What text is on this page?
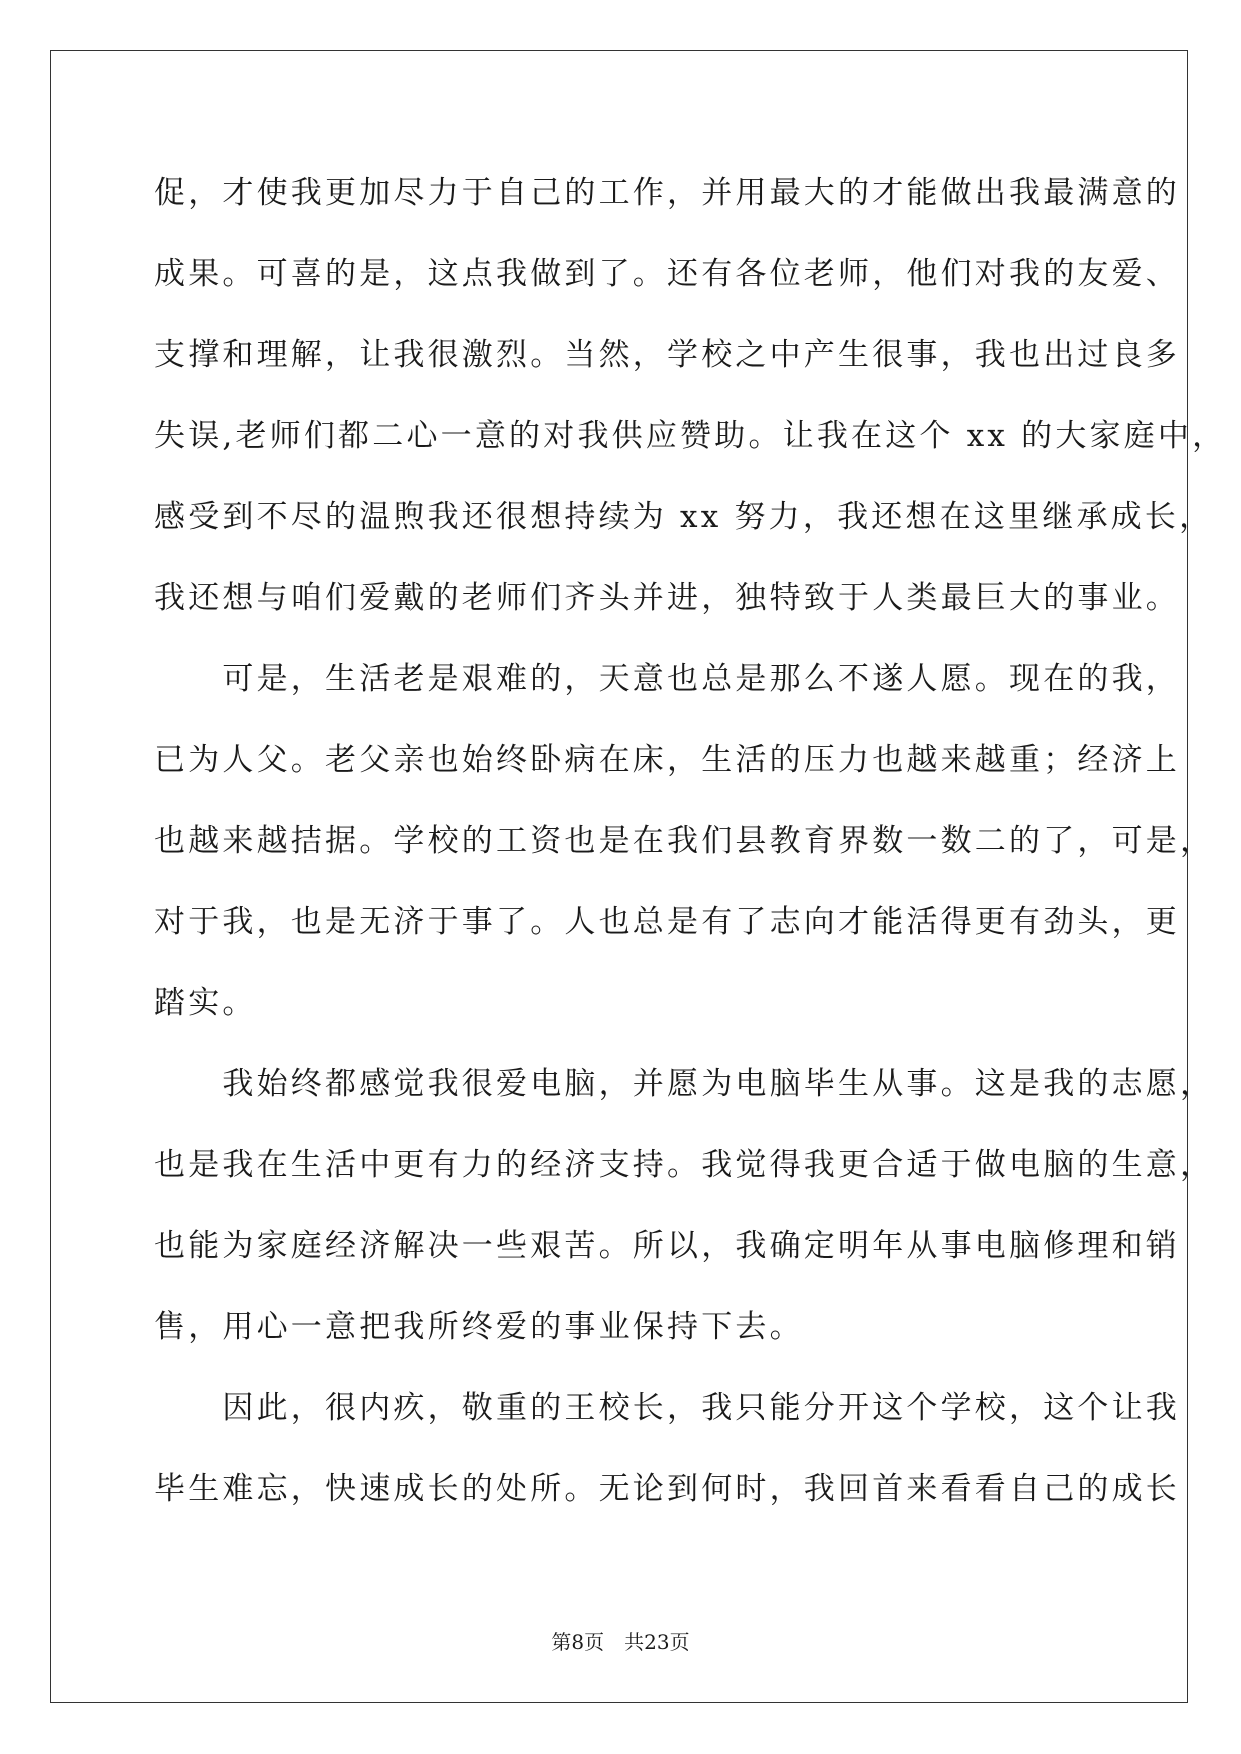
促，才使我更加尽力于自己的工作，并用最大的才能做出我最满意的
成果。可喜的是，这点我做到了。还有各位老师，他们对我的友爱、
支撑和理解，让我很激烈。当然，学校之中产生很事，我也出过良多
失误,老师们都二心一意的对我供应赞助。让我在这个 xx 的大家庭中，
感受到不尽的温煦我还很想持续为 xx 努力，我还想在这里继承成长，
我还想与咱们爱戴的老师们齐头并进，独特致于人类最巨大的事业。
　　可是，生活老是艰难的，天意也总是那么不遂人愿。现在的我，
已为人父。老父亲也始终卧病在床，生活的压力也越来越重；经济上
也越来越拮据。学校的工资也是在我们县教育界数一数二的了，可是，
对于我，也是无济于事了。人也总是有了志向才能活得更有劲头，更
踏实。
　　我始终都感觉我很爱电脑，并愿为电脑毕生从事。这是我的志愿，
也是我在生活中更有力的经济支持。我觉得我更合适于做电脑的生意，
也能为家庭经济解决一些艰苦。所以，我确定明年从事电脑修理和销
售，用心一意把我所终爱的事业保持下去。
　　因此，很内疚，敬重的王校长，我只能分开这个学校，这个让我
毕生难忘，快速成长的处所。无论到何时，我回首来看看自己的成长
第8页 共23页
